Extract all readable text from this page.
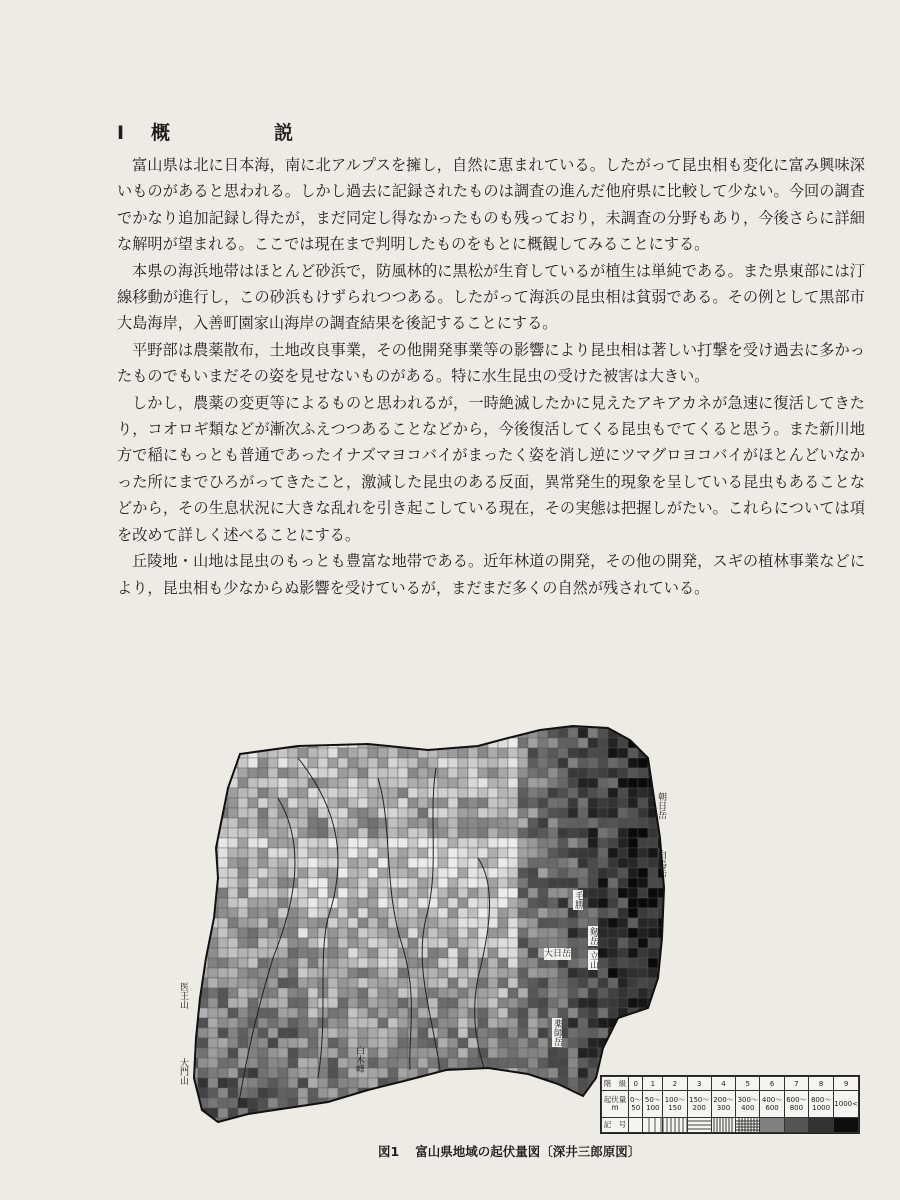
Ⅰ 概	説

富山県は北に日本海，南に北アルプスを擁し，自然に恵まれている。したがって昆虫相も変化に富み興味深いものがあると思われる。しかし過去に記録されたものは調査の進んだ他府県に比較して少ない。今回の調査でかなり追加記録し得たが，まだ同定し得なかったものも残っており，未調査の分野もあり，今後さらに詳細な解明が望まれる。ここでは現在まで判明したものをもとに概観してみることにする。

本県の海浜地帯はほとんど砂浜で，防風林的に黒松が生育しているが植生は単純である。また県東部には汀線移動が進行し，この砂浜もけずられつつある。したがって海浜の昆虫相は貧弱である。その例として黒部市大島海岸，入善町園家山海岸の調査結果を後記することにする。

平野部は農薬散布，土地改良事業，その他開発事業等の影響により昆虫相は著しい打撃を受け過去に多かったものでもいまだその姿を見せないものがある。特に水生昆虫の受けた被害は大きい。

しかし，農薬の変更等によるものと思われるが，一時絶滅したかに見えたアキアカネが急速に復活してきたり，コオロギ類などが漸次ふえつつあることなどから，今後復活してくる昆虫もでてくると思う。また新川地方で稲にもっとも普通であったイナズマヨコバイがまったく姿を消し逆にツマグロヨコバイがほとんどいなかった所にまでひろがってきたこと，激減した昆虫のある反面，異常発生的現象を呈している昆虫もあることなどから，その生息状況に大きな乱れを引き起こしている現在，その実態は把握しがたい。これらについては項を改めて詳しく述べることにする。

丘陵地・山地は昆虫のもっとも豊富な地帯である。近年林道の開発，その他の開発，スギの植林事業などにより，昆虫相も少なからぬ影響を受けているが，まだまだ多くの自然が残されている。

朝日岳
白馬岳
毛勝
剱岳
大日岳 立山
薬師岳
医王山
白木峰
大門山	階　級	0	1	2	3	4	5	6	7	8	9
起伏量 m	0〜50	50〜100	100〜150	150〜200	200〜300	300〜400	400〜600	600〜800	800〜1000	1000<
記　号										
図1 富山県地域の起伏量図〔深井三郎原図〕
